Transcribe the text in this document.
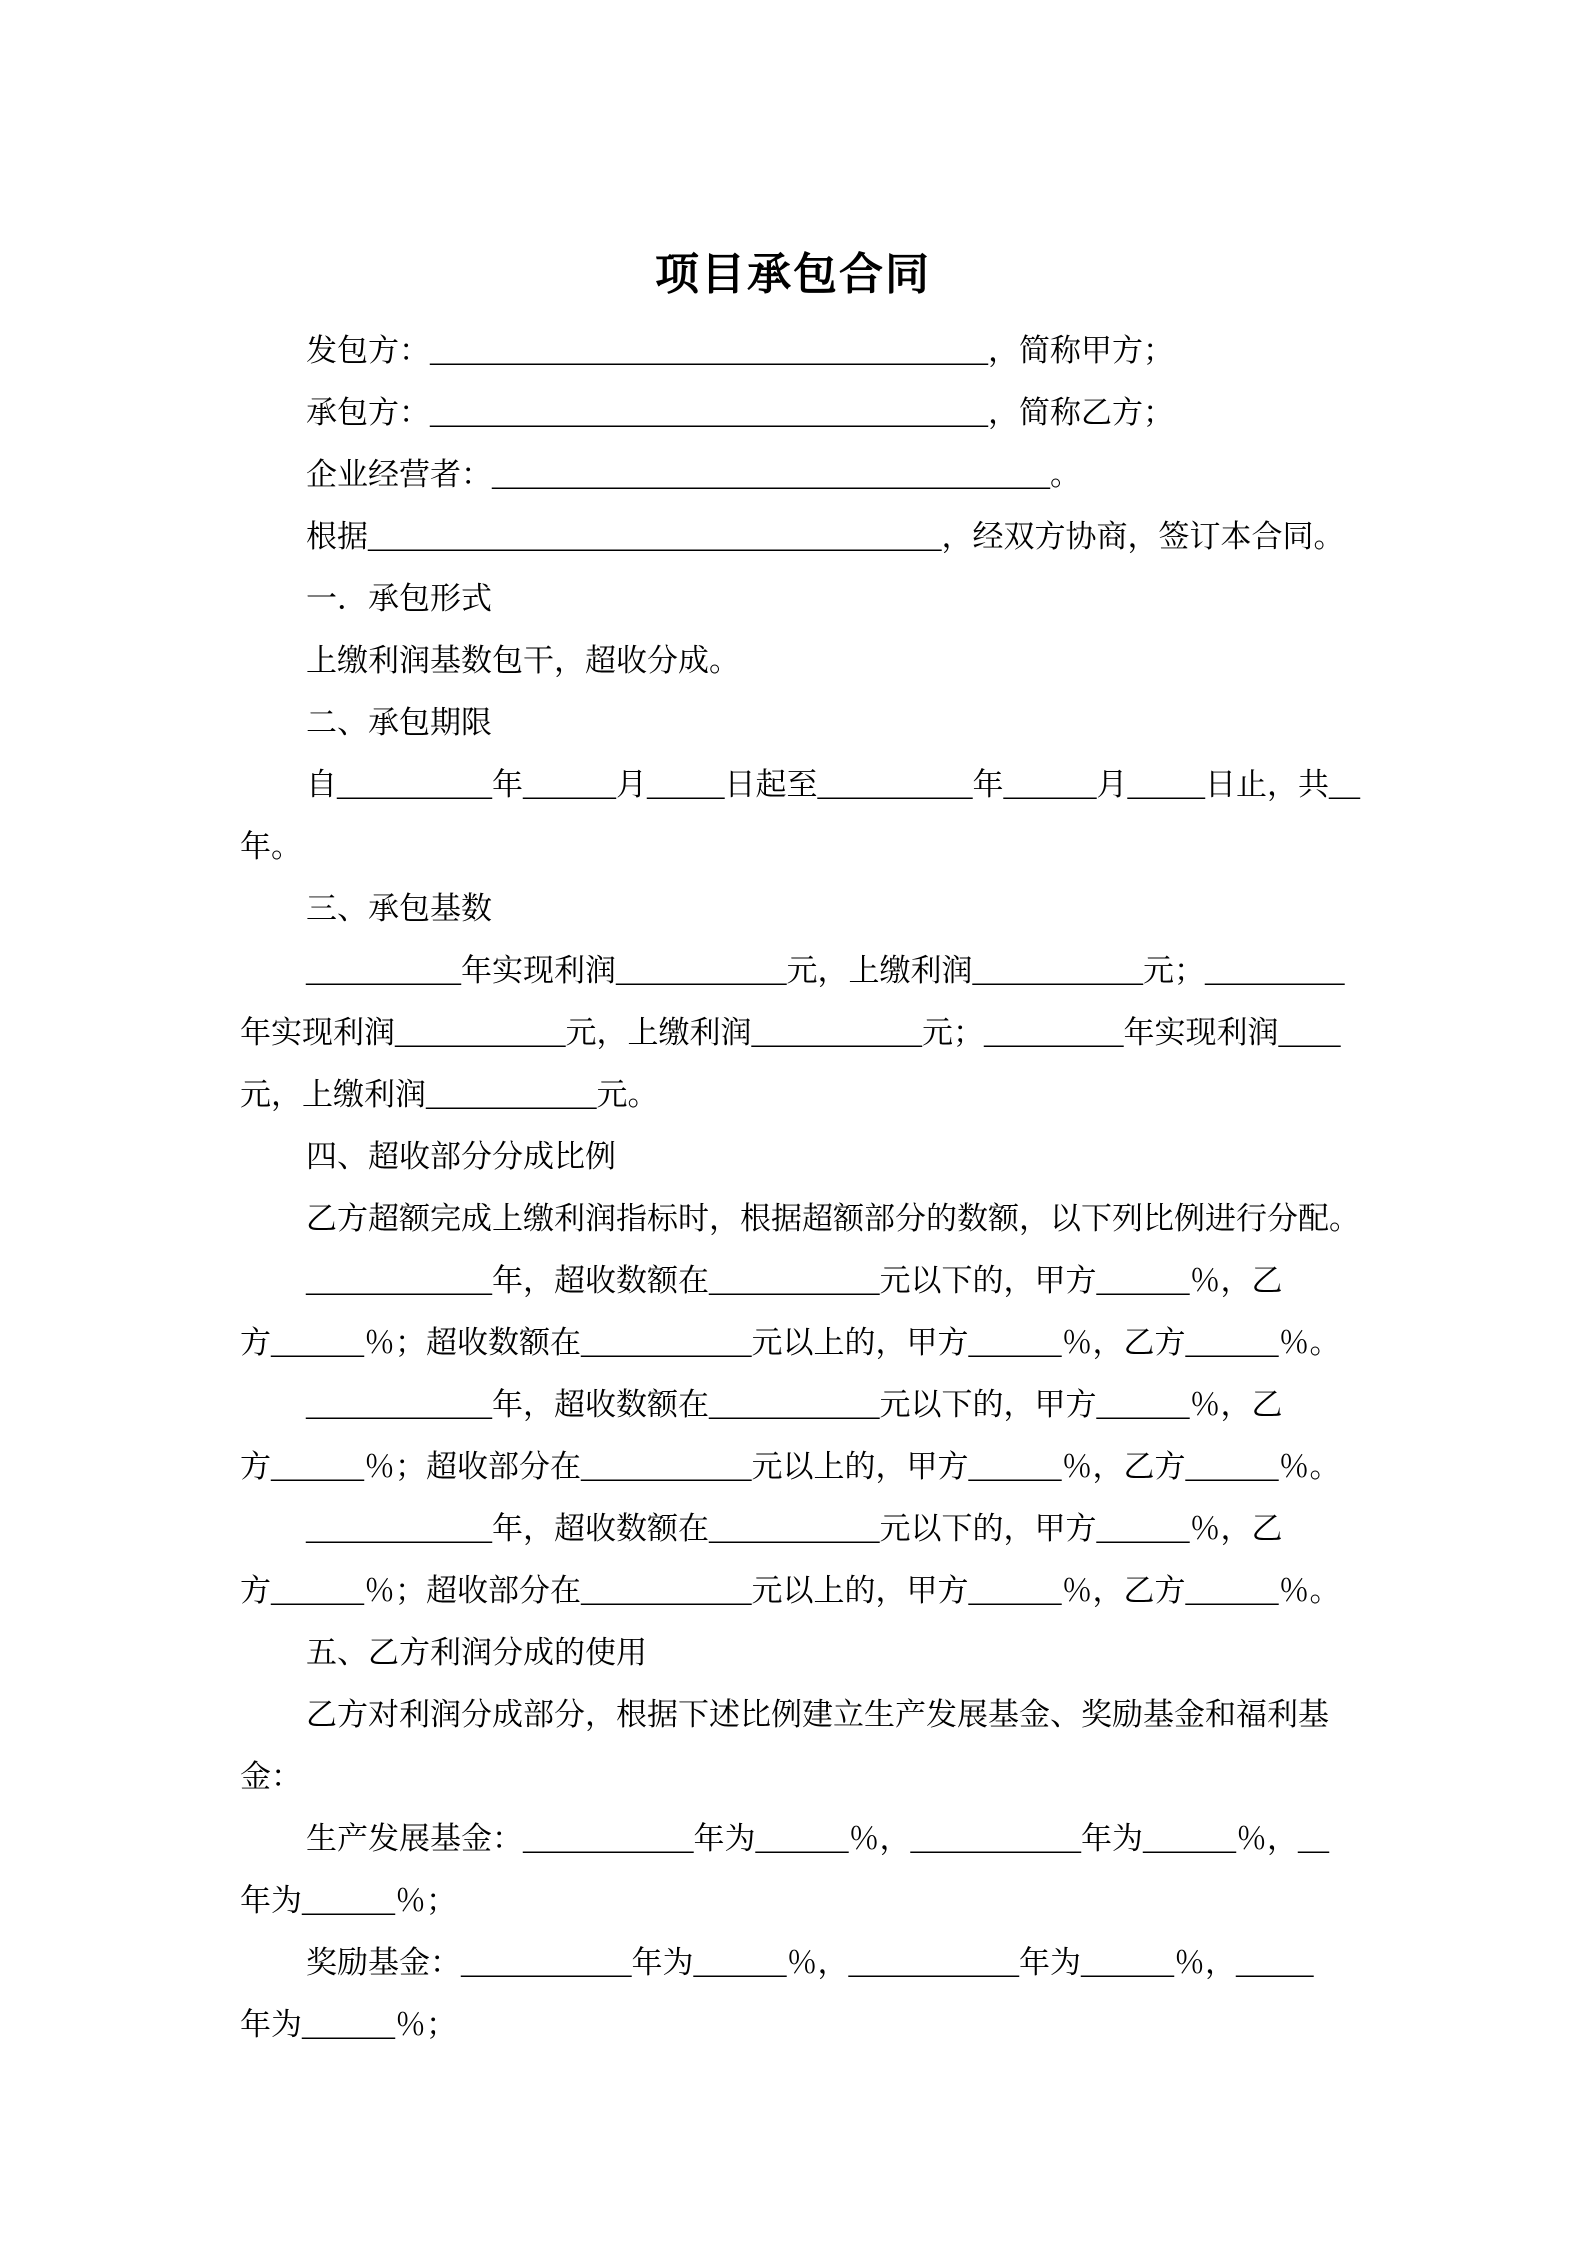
项目承包合同
发包方：____________________________________，简称甲方；
承包方：____________________________________，简称乙方；
企业经营者：____________________________________。
根据_____________________________________，经双方协商，签订本合同。
一．承包形式
上缴利润基数包干，超收分成。
二、承包期限
自__________年______月_____日起至__________年______月_____日止，共__
年。
三、承包基数
__________年实现利润___________元，上缴利润___________元；_________
年实现利润___________元，上缴利润___________元；_________年实现利润____
元，上缴利润___________元。
四、超收部分分成比例
乙方超额完成上缴利润指标时，根据超额部分的数额，以下列比例进行分配。
____________年，超收数额在___________元以下的，甲方______％，乙
方______％；超收数额在___________元以上的，甲方______％，乙方______％。
____________年，超收数额在___________元以下的，甲方______％，乙
方______％；超收部分在___________元以上的，甲方______％，乙方______％。
____________年，超收数额在___________元以下的，甲方______％，乙
方______％；超收部分在___________元以上的，甲方______％，乙方______％。
五、乙方利润分成的使用
乙方对利润分成部分，根据下述比例建立生产发展基金、奖励基金和福利基
金：
生产发展基金：___________年为______％，___________年为______％，__
年为______％；
奖励基金：___________年为______％，___________年为______％，_____
年为______％；
